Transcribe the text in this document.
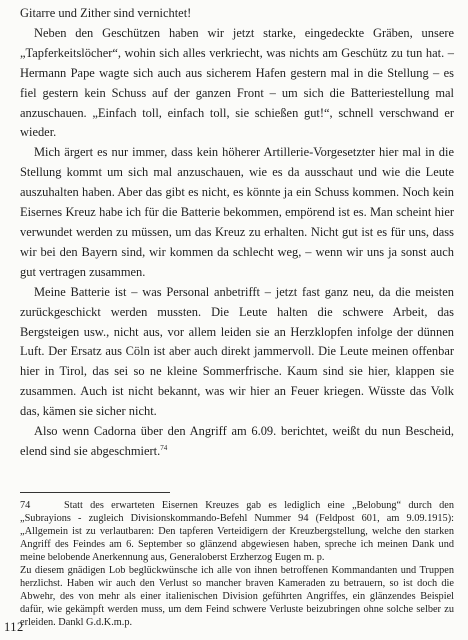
Gitarre und Zither sind vernichtet!

Neben den Geschützen haben wir jetzt starke, eingedeckte Gräben, unsere „Tapferkeitslöcher“, wohin sich alles verkriecht, was nichts am Geschütz zu tun hat. – Hermann Pape wagte sich auch aus sicherem Hafen gestern mal in die Stellung – es fiel gestern kein Schuss auf der ganzen Front – um sich die Batteriestellung mal anzuschauen. „Einfach toll, einfach toll, sie schießen gut!“, schnell verschwand er wieder.

Mich ärgert es nur immer, dass kein höherer Artillerie-Vorgesetzter hier mal in die Stellung kommt um sich mal anzuschauen, wie es da ausschaut und wie die Leute auszuhalten haben. Aber das gibt es nicht, es könnte ja ein Schuss kommen. Noch kein Eisernes Kreuz habe ich für die Batterie bekommen, empörend ist es. Man scheint hier verwundet werden zu müssen, um das Kreuz zu erhalten. Nicht gut ist es für uns, dass wir bei den Bayern sind, wir kommen da schlecht weg, – wenn wir uns ja sonst auch gut vertragen zusammen.

Meine Batterie ist – was Personal anbetrifft – jetzt fast ganz neu, da die meisten zurückgeschickt werden mussten. Die Leute halten die schwere Arbeit, das Bergsteigen usw., nicht aus, vor allem leiden sie an Herzklopfen infolge der dünnen Luft. Der Ersatz aus Cöln ist aber auch direkt jammervoll. Die Leute meinen offenbar hier in Tirol, das sei so ne kleine Sommerfrische. Kaum sind sie hier, klappen sie zusammen. Auch ist nicht bekannt, was wir hier an Feuer kriegen. Wüsste das Volk das, kämen sie sicher nicht.

Also wenn Cadorna über den Angriff am 6.09. berichtet, weißt du nun Bescheid, elend sind sie abgeschmiert.$^{74}$

74	Statt des erwarteten Eisernen Kreuzes gab es lediglich eine „Belobung“ durch den „Subrayions - zugleich Divisionskommando-Befehl Nummer 94 (Feldpost 601, am 9.09.1915): „Allgemein ist zu verlautbaren: Den tapferen Verteidigern der Kreuzbergstellung, welche den starken Angriff des Feindes am 6. September so glänzend abgewiesen haben, spreche ich meinen Dank und meine belobende Anerkennung aus, Generaloberst Erzherzog Eugen m. p.

Zu diesem gnädigen Lob beglückwünsche ich alle von ihnen betroffenen Kommandanten und Truppen herzlichst. Haben wir auch den Verlust so mancher braven Kameraden zu betrauern, so ist doch die Abwehr, des von mehr als einer italienischen Division geführten Angriffes, ein glänzendes Beispiel dafür, wie gekämpft werden muss, um dem Feind schwere Verluste beizubringen ohne solche selber zu erleiden. Dankl G.d.K.m.p.

112
